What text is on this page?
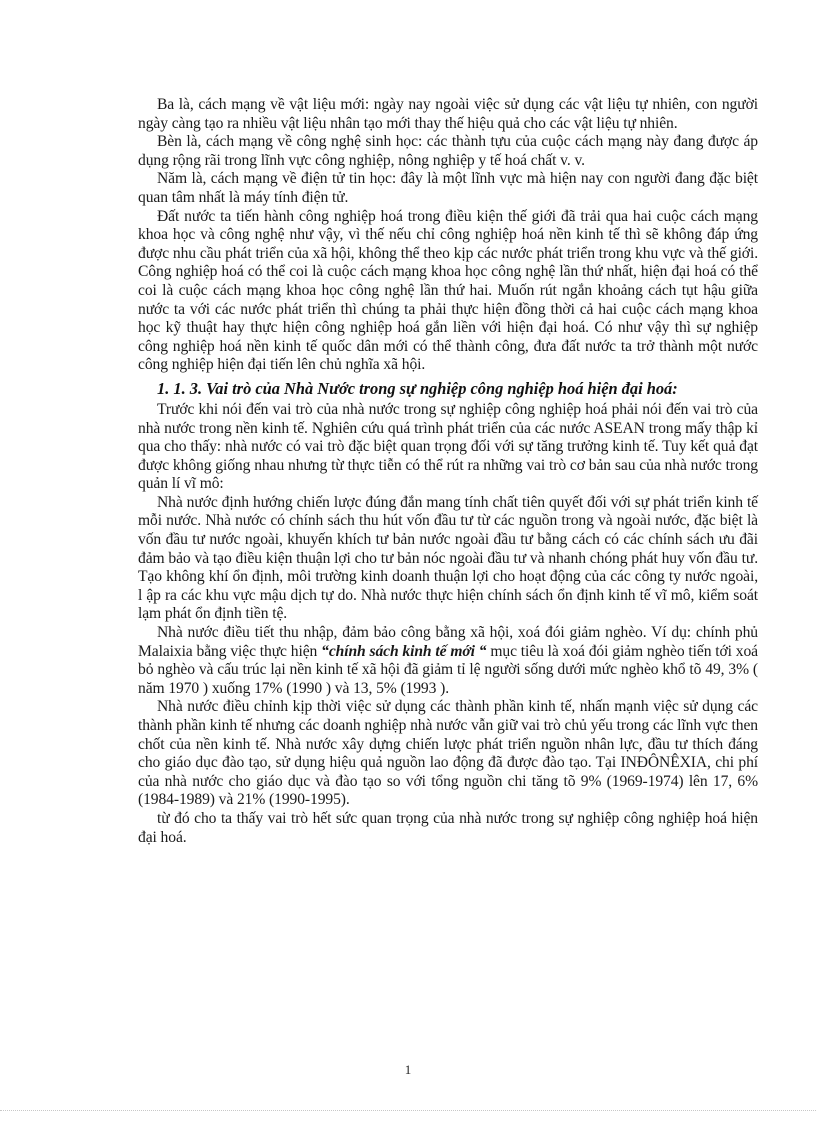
Ba là, cách mạng về vật liệu mới: ngày nay ngoài việc sử dụng các vật liệu tự nhiên, con người ngày càng tạo ra nhiều vật liệu nhân tạo mới thay thế hiệu quả cho các vật liệu tự nhiên.

Bèn là, cách mạng về công nghệ sinh học: các thành tựu của cuộc cách mạng này đang được áp dụng rộng rãi trong lĩnh vực công nghiệp, nông nghiệp y tế hoá chất v. v.

Năm là, cách mạng về điện tử tin học: đây là một lĩnh vực mà hiện nay con người đang đặc biệt quan tâm nhất là máy tính điện tử.

Đất nước ta tiến hành công nghiệp hoá trong điều kiện thế giới đã trải qua hai cuộc cách mạng khoa học và công nghệ như vậy, vì thế nếu chỉ công nghiệp hoá nền kinh tế thì sẽ không đáp ứng được nhu cầu phát triển của xã hội, không thể theo kịp các nước phát triển trong khu vực và thế giới. Công nghiệp hoá có thể coi là cuộc cách mạng khoa học công nghệ lần thứ nhất, hiện đại hoá có thể coi là cuộc cách mạng khoa học công nghệ lần thứ hai. Muốn rút ngắn khoảng cách tụt hậu giữa nước ta với các nước phát triển thì chúng ta phải thực hiện đồng thời cả hai cuộc cách mạng khoa học kỹ thuật hay thực hiện công nghiệp hoá gắn liền với hiện đại hoá. Có như vậy thì sự nghiệp công nghiệp hoá nền kinh tế quốc dân mới có thể thành công, đưa đất nước ta trở thành một nước công nghiệp hiện đại tiến lên chủ nghĩa xã hội.

1. 1. 3. Vai trò của Nhà Nước trong sự nghiệp công nghiệp hoá hiện đại hoá:

Trước khi nói đến vai trò của nhà nước trong sự nghiệp công nghiệp hoá phải nói đến vai trò của nhà nước trong nền kinh tế. Nghiên cứu quá trình phát triển của các nước ASEAN trong mấy thập kỉ qua cho thấy: nhà nước có vai trò đặc biệt quan trọng đối với sự tăng trưởng kinh tế. Tuy kết quả đạt được không giống nhau nhưng từ thực tiễn có thể rút ra những vai trò cơ bản sau của nhà nước trong quản lí vĩ mô:

Nhà nước định hướng chiến lược đúng đắn mang tính chất tiên quyết đối với sự phát triển kinh tế mỗi nước. Nhà nước có chính sách thu hút vốn đầu tư từ các nguồn trong và ngoài nước, đặc biệt là vốn đầu tư nước ngoài, khuyến khích tư bản nước ngoài đầu tư bằng cách có các chính sách ưu đãi đảm bảo và tạo điều kiện thuận lợi cho tư bản nóc ngoài đầu tư và nhanh chóng phát huy vốn đầu tư. Tạo không khí ổn định, môi trường kinh doanh thuận lợi cho hoạt động của các công ty nước ngoài, l ập ra các khu vực mậu dịch tự do. Nhà nước thực hiện chính sách ổn định kinh tế vĩ mô, kiểm soát lạm phát ổn định tiền tệ.

Nhà nước điều tiết thu nhập, đảm bảo công bằng xã hội, xoá đói giảm nghèo. Ví dụ: chính phủ Malaixia bằng việc thực hiện “chính sách kinh tế mới “ mục tiêu là xoá đói giảm nghèo tiến tới xoá bỏ nghèo và cấu trúc lại nền kinh tế xã hội đã giảm tỉ lệ người sống dưới mức nghèo khổ tõ 49, 3% ( năm 1970 ) xuống 17% (1990 ) và 13, 5% (1993 ).

Nhà nước điều chỉnh kịp thời việc sử dụng các thành phần kinh tế, nhấn mạnh việc sử dụng các thành phần kinh tế nhưng các doanh nghiệp nhà nước vẫn giữ vai trò chủ yếu trong các lĩnh vực then chốt của nền kinh tế. Nhà nước xây dựng chiến lược phát triển nguồn nhân lực, đầu tư thích đáng cho giáo dục đào tạo, sử dụng hiệu quả nguồn lao động đã được đào tạo. Tại INĐÔNÊXIA, chi phí của nhà nước cho giáo dục và đào tạo so với tổng nguồn chi tăng tõ 9% (1969-1974) lên 17, 6% (1984-1989) và 21% (1990-1995).

từ đó cho ta thấy vai trò hết sức quan trọng của nhà nước trong sự nghiệp công nghiệp hoá hiện đại hoá.

1
